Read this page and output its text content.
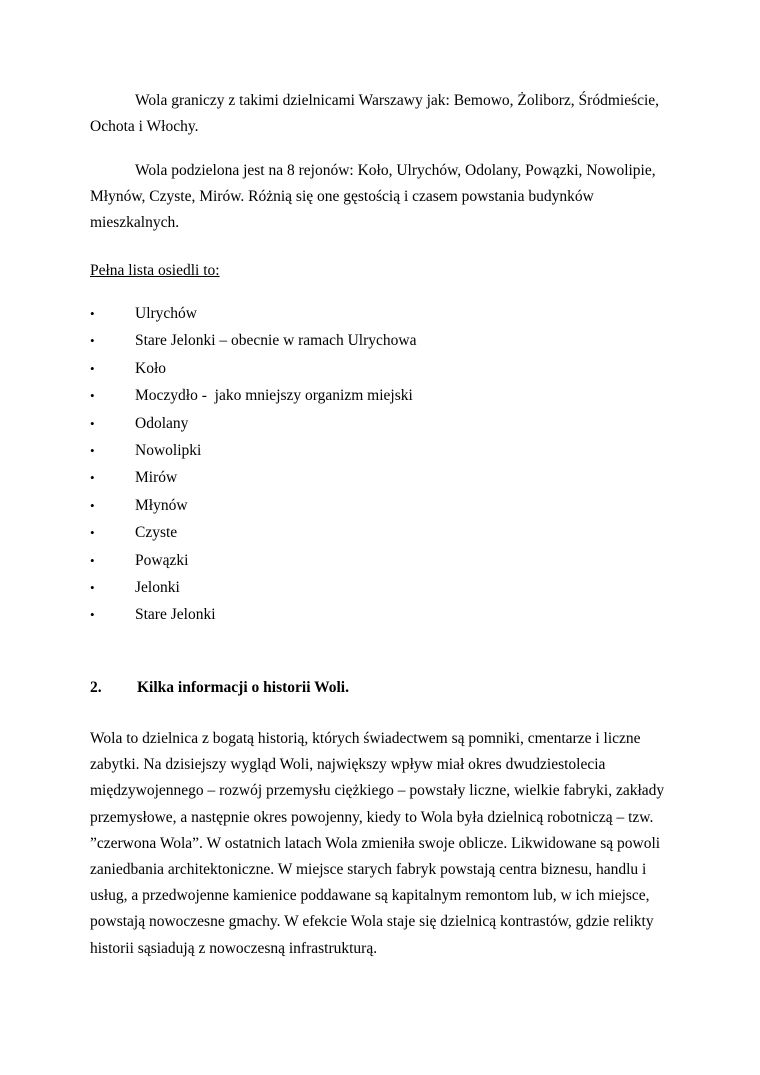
Wola graniczy z takimi dzielnicami Warszawy jak: Bemowo, Żoliborz, Śródmieście, Ochota i Włochy.

Wola podzielona jest na 8 rejonów: Koło, Ulrychów, Odolany, Powązki, Nowolipie, Młynów, Czyste, Mirów. Różnią się one gęstością i czasem powstania budynków mieszkalnych.

Pełna lista osiedli to:

•	Ulrychów
•	Stare Jelonki – obecnie w ramach Ulrychowa
•	Koło
•	Moczydło -  jako mniejszy organizm miejski
•	Odolany
•	Nowolipki
•	Mirów
•	Młynów
•	Czyste
•	Powązki
•	Jelonki
•	Stare Jelonki
2. Kilka informacji o historii Woli.

Wola to dzielnica z bogatą historią, których świadectwem są pomniki, cmentarze i liczne zabytki. Na dzisiejszy wygląd Woli, największy wpływ miał okres dwudziestolecia międzywojennego – rozwój przemysłu ciężkiego – powstały liczne, wielkie fabryki, zakłady przemysłowe, a następnie okres powojenny, kiedy to Wola była dzielnicą robotniczą – tzw. ”czerwona Wola”. W ostatnich latach Wola zmieniła swoje oblicze. Likwidowane są powoli zaniedbania architektoniczne. W miejsce starych fabryk powstają centra biznesu, handlu i usług, a przedwojenne kamienice poddawane są kapitalnym remontom lub, w ich miejsce, powstają nowoczesne gmachy. W efekcie Wola staje się dzielnicą kontrastów, gdzie relikty historii sąsiadują z nowoczesną infrastrukturą.
